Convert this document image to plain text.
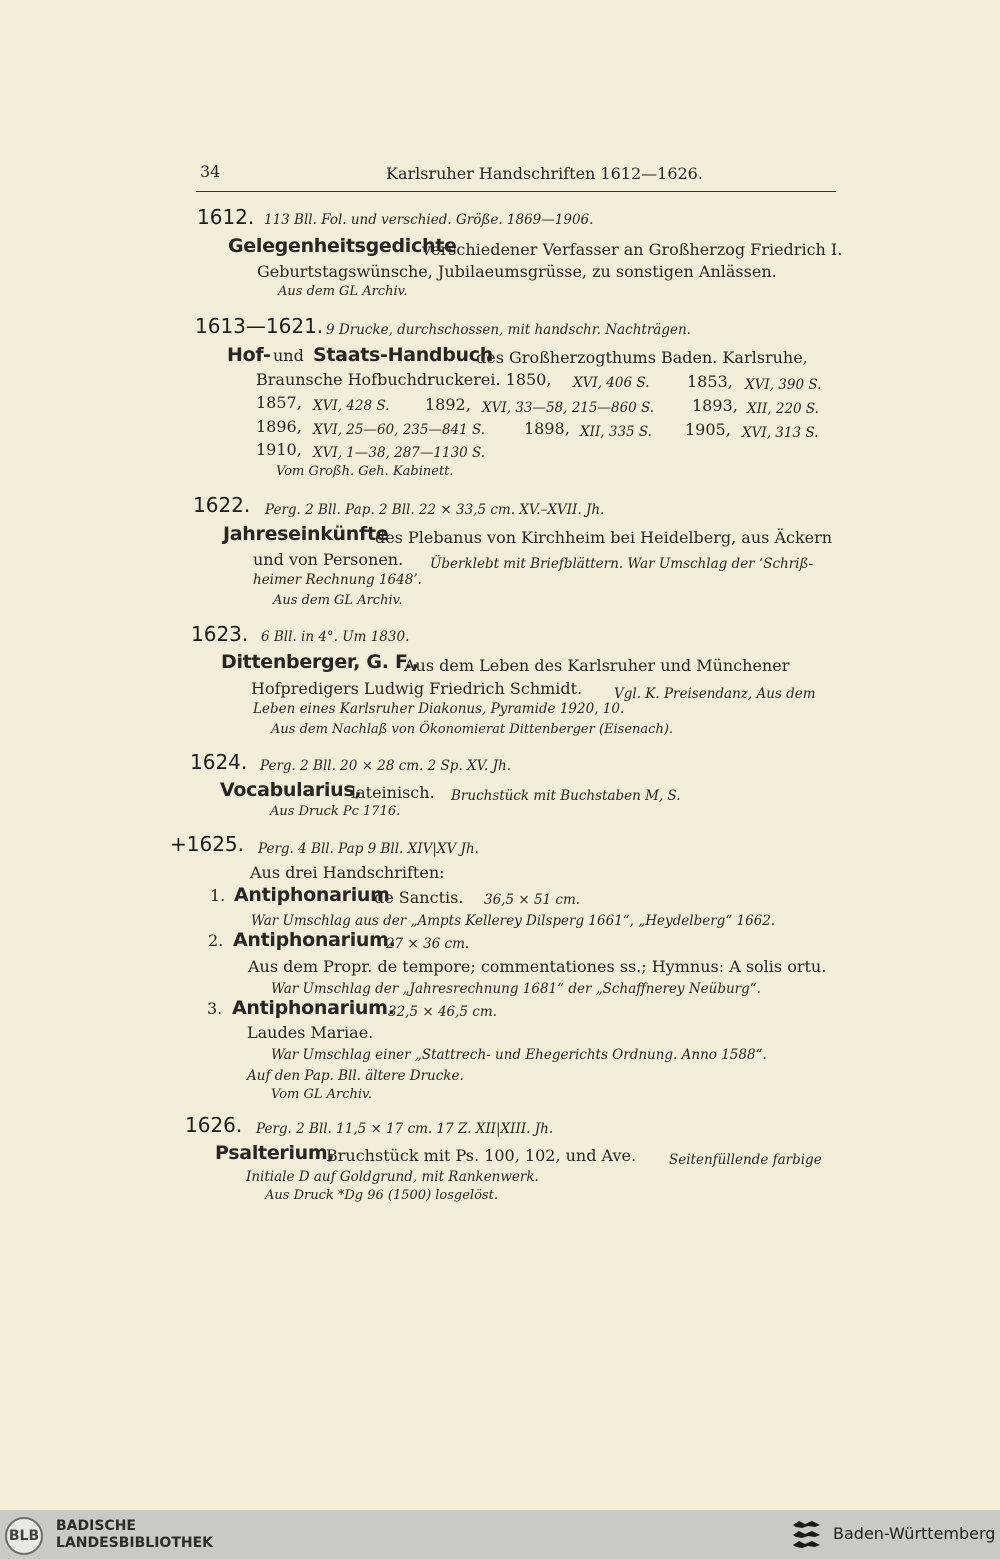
34	Karlsruher Handschriften 1612—1626.
1612. 113 Bll. Fol. und verschied. Größe. 1869—1906.
Gelegenheitsgedichte
verschiedener Verfasser an Großherzog Friedrich I.
Geburtstagswünsche, Jubilaeumsgrüsse, zu sonstigen Anlässen.
Aus dem GL Archiv.
1613—1621. 9 Drucke, durchschossen, mit handschr. Nachträgen.
Hof- und Staats-Handbuch
des Großherzogthums Baden. Karlsruhe,
Braunsche Hofbuchdruckerei. 1850, XVI, 406 S. 1853, XVI, 390 S.
1857, XVI, 428 S. 1892, XVI, 33—58, 215—860 S. 1893, XII, 220 S.
1896, XVI, 25—60, 235—841 S. 1898, XII, 335 S. 1905, XVI, 313 S.
1910, XVI, 1—38, 287—1130 S.
Vom Großh. Geh. Kabinett.
1622. Perg. 2 Bll. Pap. 2 Bll. 22 × 33,5 cm. XV.–XVII. Jh.
Jahreseinkünfte
des Plebanus von Kirchheim bei Heidelberg, aus Äckern
und von Personen. Überklebt mit Briefblättern. War Umschlag der ‘Schriß-
heimer Rechnung 1648’.
Aus dem GL Archiv.
1623. 6 Bll. in 4°. Um 1830.
Dittenberger, G. F.,
Aus dem Leben des Karlsruher und Münchener
Hofpredigers Ludwig Friedrich Schmidt. Vgl. K. Preisendanz, Aus dem
Leben eines Karlsruher Diakonus, Pyramide 1920, 10.
Aus dem Nachlaß von Ökonomierat Dittenberger (Eisenach).
1624. Perg. 2 Bll. 20 × 28 cm. 2 Sp. XV. Jh.
Vocabularius,
lateinisch. Bruchstück mit Buchstaben M, S.
Aus Druck Pc 1716.
+1625. Perg. 4 Bll. Pap 9 Bll. XIV|XV Jh.
Aus drei Handschriften:
1. Antiphonarium
de Sanctis. 36,5 × 51 cm.
War Umschlag aus der „Ampts Kellerey Dilsperg 1661“, „Heydelberg“ 1662.
2. Antiphonarium.
27 × 36 cm.
Aus dem Propr. de tempore; commentationes ss.; Hymnus: A solis ortu.
War Umschlag der „Jahresrechnung 1681“ der „Schaffnerey Neüburg“.
3. Antiphonarium.
32,5 × 46,5 cm.
Laudes Mariae.
War Umschlag einer „Stattrech- und Ehegerichts Ordnung. Anno 1588“.
Auf den Pap. Bll. ältere Drucke.
Vom GL Archiv.
1626. Perg. 2 Bll. 11,5 × 17 cm. 17 Z. XII|XIII. Jh.
Psalterium,
Bruchstück mit Ps. 100, 102, und Ave. Seitenfüllende farbige
Initiale D auf Goldgrund, mit Rankenwerk.
Aus Druck *Dg 96 (1500) losgelöst.
BLB
BADISCHE
LANDESBIBLIOTHEK	Baden-Württemberg
